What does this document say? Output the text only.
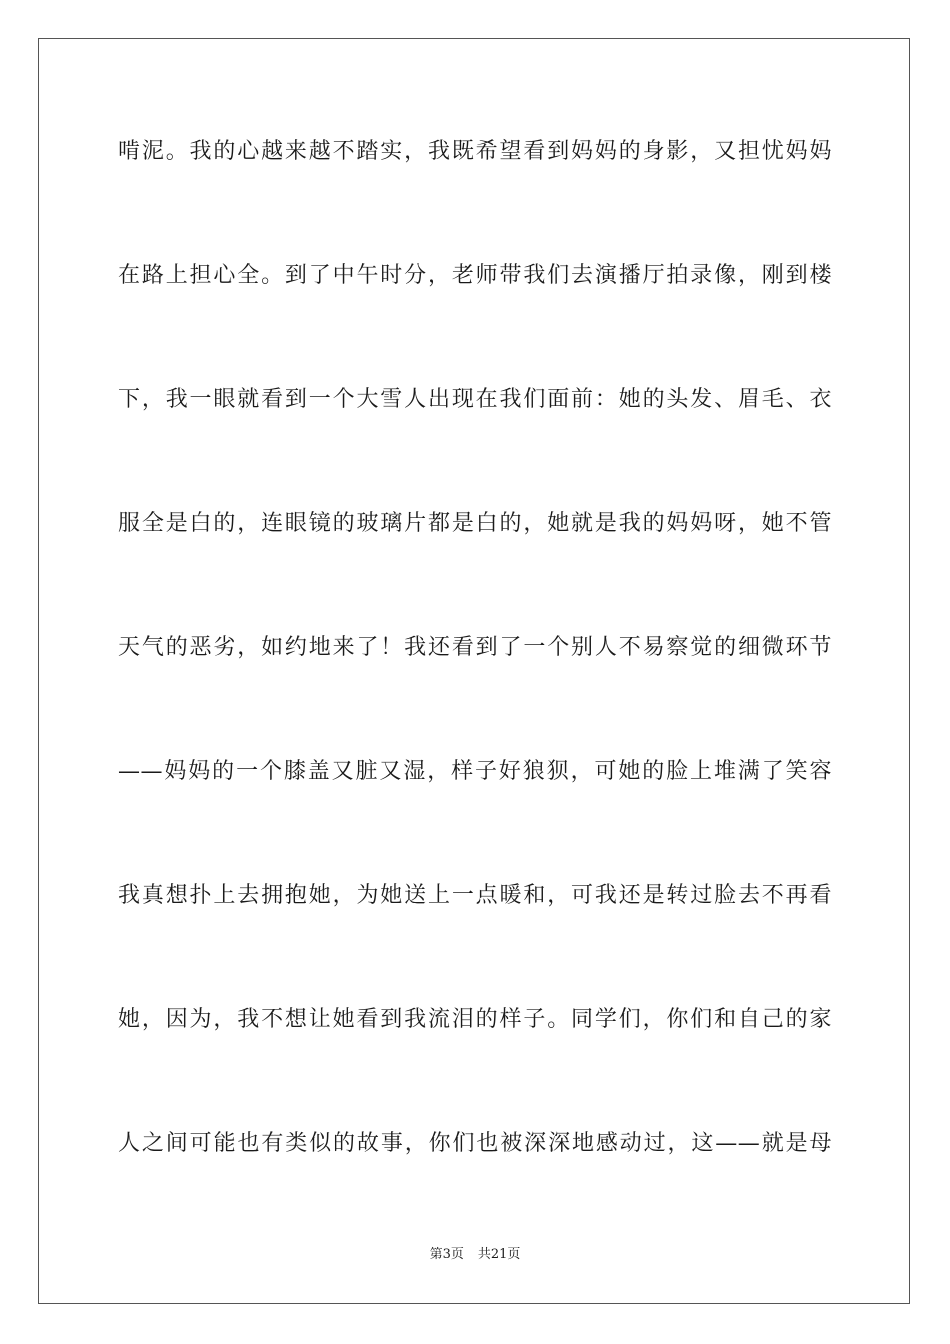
啃泥。我的心越来越不踏实，我既希望看到妈妈的身影，又担忧妈妈
在路上担心全。到了中午时分，老师带我们去演播厅拍录像，刚到楼
下，我一眼就看到一个大雪人出现在我们面前：她的头发、眉毛、衣
服全是白的，连眼镜的玻璃片都是白的，她就是我的妈妈呀，她不管
天气的恶劣，如约地来了！我还看到了一个别人不易察觉的细微环节
——妈妈的一个膝盖又脏又湿，样子好狼狈，可她的脸上堆满了笑容
我真想扑上去拥抱她，为她送上一点暖和，可我还是转过脸去不再看
她，因为，我不想让她看到我流泪的样子。同学们，你们和自己的家
人之间可能也有类似的故事，你们也被深深地感动过，这——就是母
第3页 共21页
